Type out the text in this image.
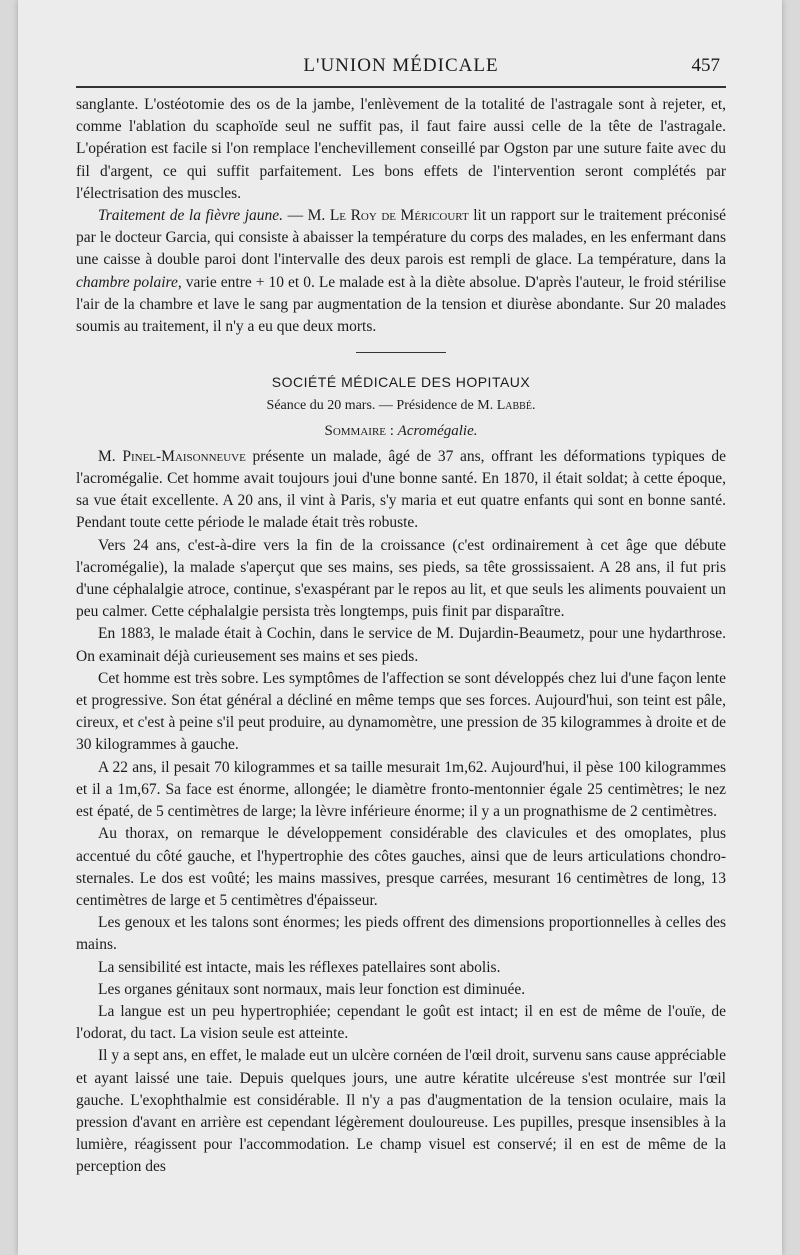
L'UNION MÉDICALE	457

sanglante. L'ostéotomie des os de la jambe, l'enlèvement de la totalité de l'astragale sont à rejeter, et, comme l'ablation du scaphoïde seul ne suffit pas, il faut faire aussi celle de la tête de l'astragale. L'opération est facile si l'on remplace l'enchevillement conseillé par Ogston par une suture faite avec du fil d'argent, ce qui suffit parfaitement. Les bons effets de l'intervention seront complétés par l'électrisation des muscles.

Traitement de la fièvre jaune. — M. Le Roy de Méricourt lit un rapport sur le traitement préconisé par le docteur Garcia, qui consiste à abaisser la température du corps des malades, en les enfermant dans une caisse à double paroi dont l'intervalle des deux parois est rempli de glace. La température, dans la chambre polaire, varie entre + 10 et 0. Le malade est à la diète absolue. D'après l'auteur, le froid stérilise l'air de la chambre et lave le sang par augmentation de la tension et diurèse abondante. Sur 20 malades soumis au traitement, il n'y a eu que deux morts.

SOCIÉTÉ MÉDICALE DES HOPITAUX
Séance du 20 mars. — Présidence de M. Labbé.
Sommaire : Acromégalie.

M. Pinel-Maisonneuve présente un malade, âgé de 37 ans, offrant les déformations typiques de l'acromégalie. Cet homme avait toujours joui d'une bonne santé. En 1870, il était soldat; à cette époque, sa vue était excellente. A 20 ans, il vint à Paris, s'y maria et eut quatre enfants qui sont en bonne santé. Pendant toute cette période le malade était très robuste.

Vers 24 ans, c'est-à-dire vers la fin de la croissance (c'est ordinairement à cet âge que débute l'acromégalie), la malade s'aperçut que ses mains, ses pieds, sa tête grossissaient. A 28 ans, il fut pris d'une céphalalgie atroce, continue, s'exaspérant par le repos au lit, et que seuls les aliments pouvaient un peu calmer. Cette céphalalgie persista très longtemps, puis finit par disparaître.

En 1883, le malade était à Cochin, dans le service de M. Dujardin-Beaumetz, pour une hydarthrose. On examinait déjà curieusement ses mains et ses pieds.

Cet homme est très sobre. Les symptômes de l'affection se sont développés chez lui d'une façon lente et progressive. Son état général a décliné en même temps que ses forces. Aujourd'hui, son teint est pâle, cireux, et c'est à peine s'il peut produire, au dynamomètre, une pression de 35 kilogrammes à droite et de 30 kilogrammes à gauche.

A 22 ans, il pesait 70 kilogrammes et sa taille mesurait 1m,62. Aujourd'hui, il pèse 100 kilogrammes et il a 1m,67. Sa face est énorme, allongée; le diamètre fronto-mentonnier égale 25 centimètres; le nez est épaté, de 5 centimètres de large; la lèvre inférieure énorme; il y a un prognathisme de 2 centimètres.

Au thorax, on remarque le développement considérable des clavicules et des omoplates, plus accentué du côté gauche, et l'hypertrophie des côtes gauches, ainsi que de leurs articulations chondro-sternales. Le dos est voûté; les mains massives, presque carrées, mesurant 16 centimètres de long, 13 centimètres de large et 5 centimètres d'épaisseur.

Les genoux et les talons sont énormes; les pieds offrent des dimensions proportionnelles à celles des mains.

La sensibilité est intacte, mais les réflexes patellaires sont abolis.

Les organes génitaux sont normaux, mais leur fonction est diminuée.

La langue est un peu hypertrophiée; cependant le goût est intact; il en est de même de l'ouïe, de l'odorat, du tact. La vision seule est atteinte.

Il y a sept ans, en effet, le malade eut un ulcère cornéen de l'œil droit, survenu sans cause appréciable et ayant laissé une taie. Depuis quelques jours, une autre kératite ulcéreuse s'est montrée sur l'œil gauche. L'exophthalmie est considérable. Il n'y a pas d'augmentation de la tension oculaire, mais la pression d'avant en arrière est cependant légèrement douloureuse. Les pupilles, presque insensibles à la lumière, réagissent pour l'accommodation. Le champ visuel est conservé; il en est de même de la perception des
